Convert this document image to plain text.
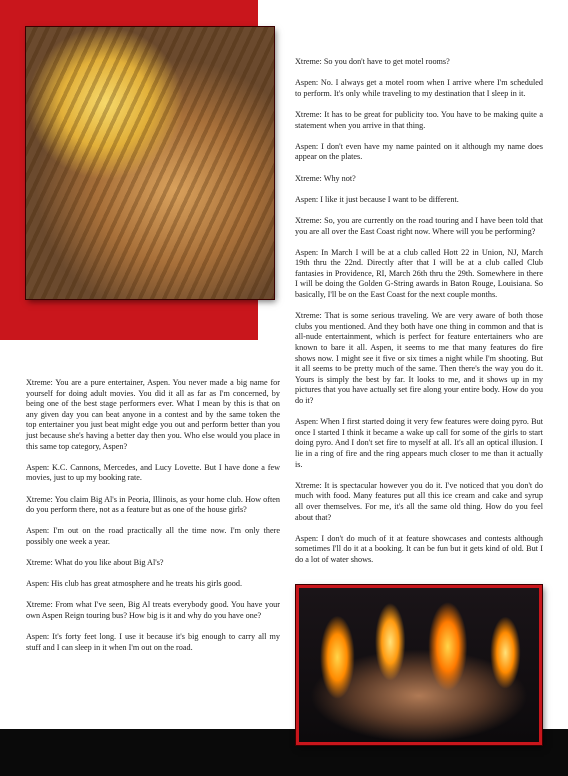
Xtreme: So you don't have to get motel rooms?

Aspen: No. I always get a motel room when I arrive where I'm scheduled to perform. It's only while traveling to my destination that I sleep in it.

Xtreme: It has to be great for publicity too. You have to be making quite a statement when you arrive in that thing.

Aspen: I don't even have my name painted on it although my name does appear on the plates.

Xtreme: Why not?

Aspen: I like it just because I want to be different.

Xtreme: So, you are currently on the road touring and I have been told that you are all over the East Coast right now. Where will you be performing?

Aspen: In March I will be at a club called Hott 22 in Union, NJ, March 19th thru the 22nd. Directly after that I will be at a club called Club fantasies in Providence, RI, March 26th thru the 29th. Somewhere in there I will be doing the Golden G-String awards in Baton Rouge, Louisiana. So basically, I'll be on the East Coast for the next couple months.

Xtreme: That is some serious traveling. We are very aware of both those clubs you mentioned. And they both have one thing in common and that is all-nude entertainment, which is perfect for feature entertainers who are known to bare it all. Aspen, it seems to me that many features do fire shows now. I might see it five or six times a night while I'm shooting. But it all seems to be pretty much of the same. Then there's the way you do it. Yours is simply the best by far. It looks to me, and it shows up in my pictures that you have actually set fire along your entire body. How do you do it?

Aspen: When I first started doing it very few features were doing pyro. But once I started I think it became a wake up call for some of the girls to start doing pyro. And I don't set fire to myself at all. It's all an optical illusion. I lie in a ring of fire and the ring appears much closer to me than it actually is.

Xtreme: It is spectacular however you do it. I've noticed that you don't do much with food. Many features put all this ice cream and cake and syrup all over themselves. For me, it's all the same old thing. How do you feel about that?

Aspen: I don't do much of it at feature showcases and contests although sometimes I'll do it at a booking. It can be fun but it gets kind of old. But I do a lot of water shows.

Xtreme: You are a pure entertainer, Aspen. You never made a big name for yourself for doing adult movies. You did it all as far as I'm concerned, by being one of the best stage performers ever. What I mean by this is that on any given day you can beat anyone in a contest and by the same token the top entertainer you just beat might edge you out and perform better than you just because she's having a better day then you. Who else would you place in this same top category, Aspen?

Aspen: K.C. Cannons, Mercedes, and Lucy Lovette. But I have done a few movies, just to up my booking rate.

Xtreme: You claim Big Al's in Peoria, Illinois, as your home club. How often do you perform there, not as a feature but as one of the house girls?

Aspen: I'm out on the road practically all the time now. I'm only there possibly one week a year.

Xtreme: What do you like about Big Al's?

Aspen: His club has great atmosphere and he treats his girls good.

Xtreme: From what I've seen, Big Al treats everybody good. You have your own Aspen Reign touring bus? How big is it and why do you have one?

Aspen: It's forty feet long. I use it because it's big enough to carry all my stuff and I can sleep in it when I'm out on the road.
